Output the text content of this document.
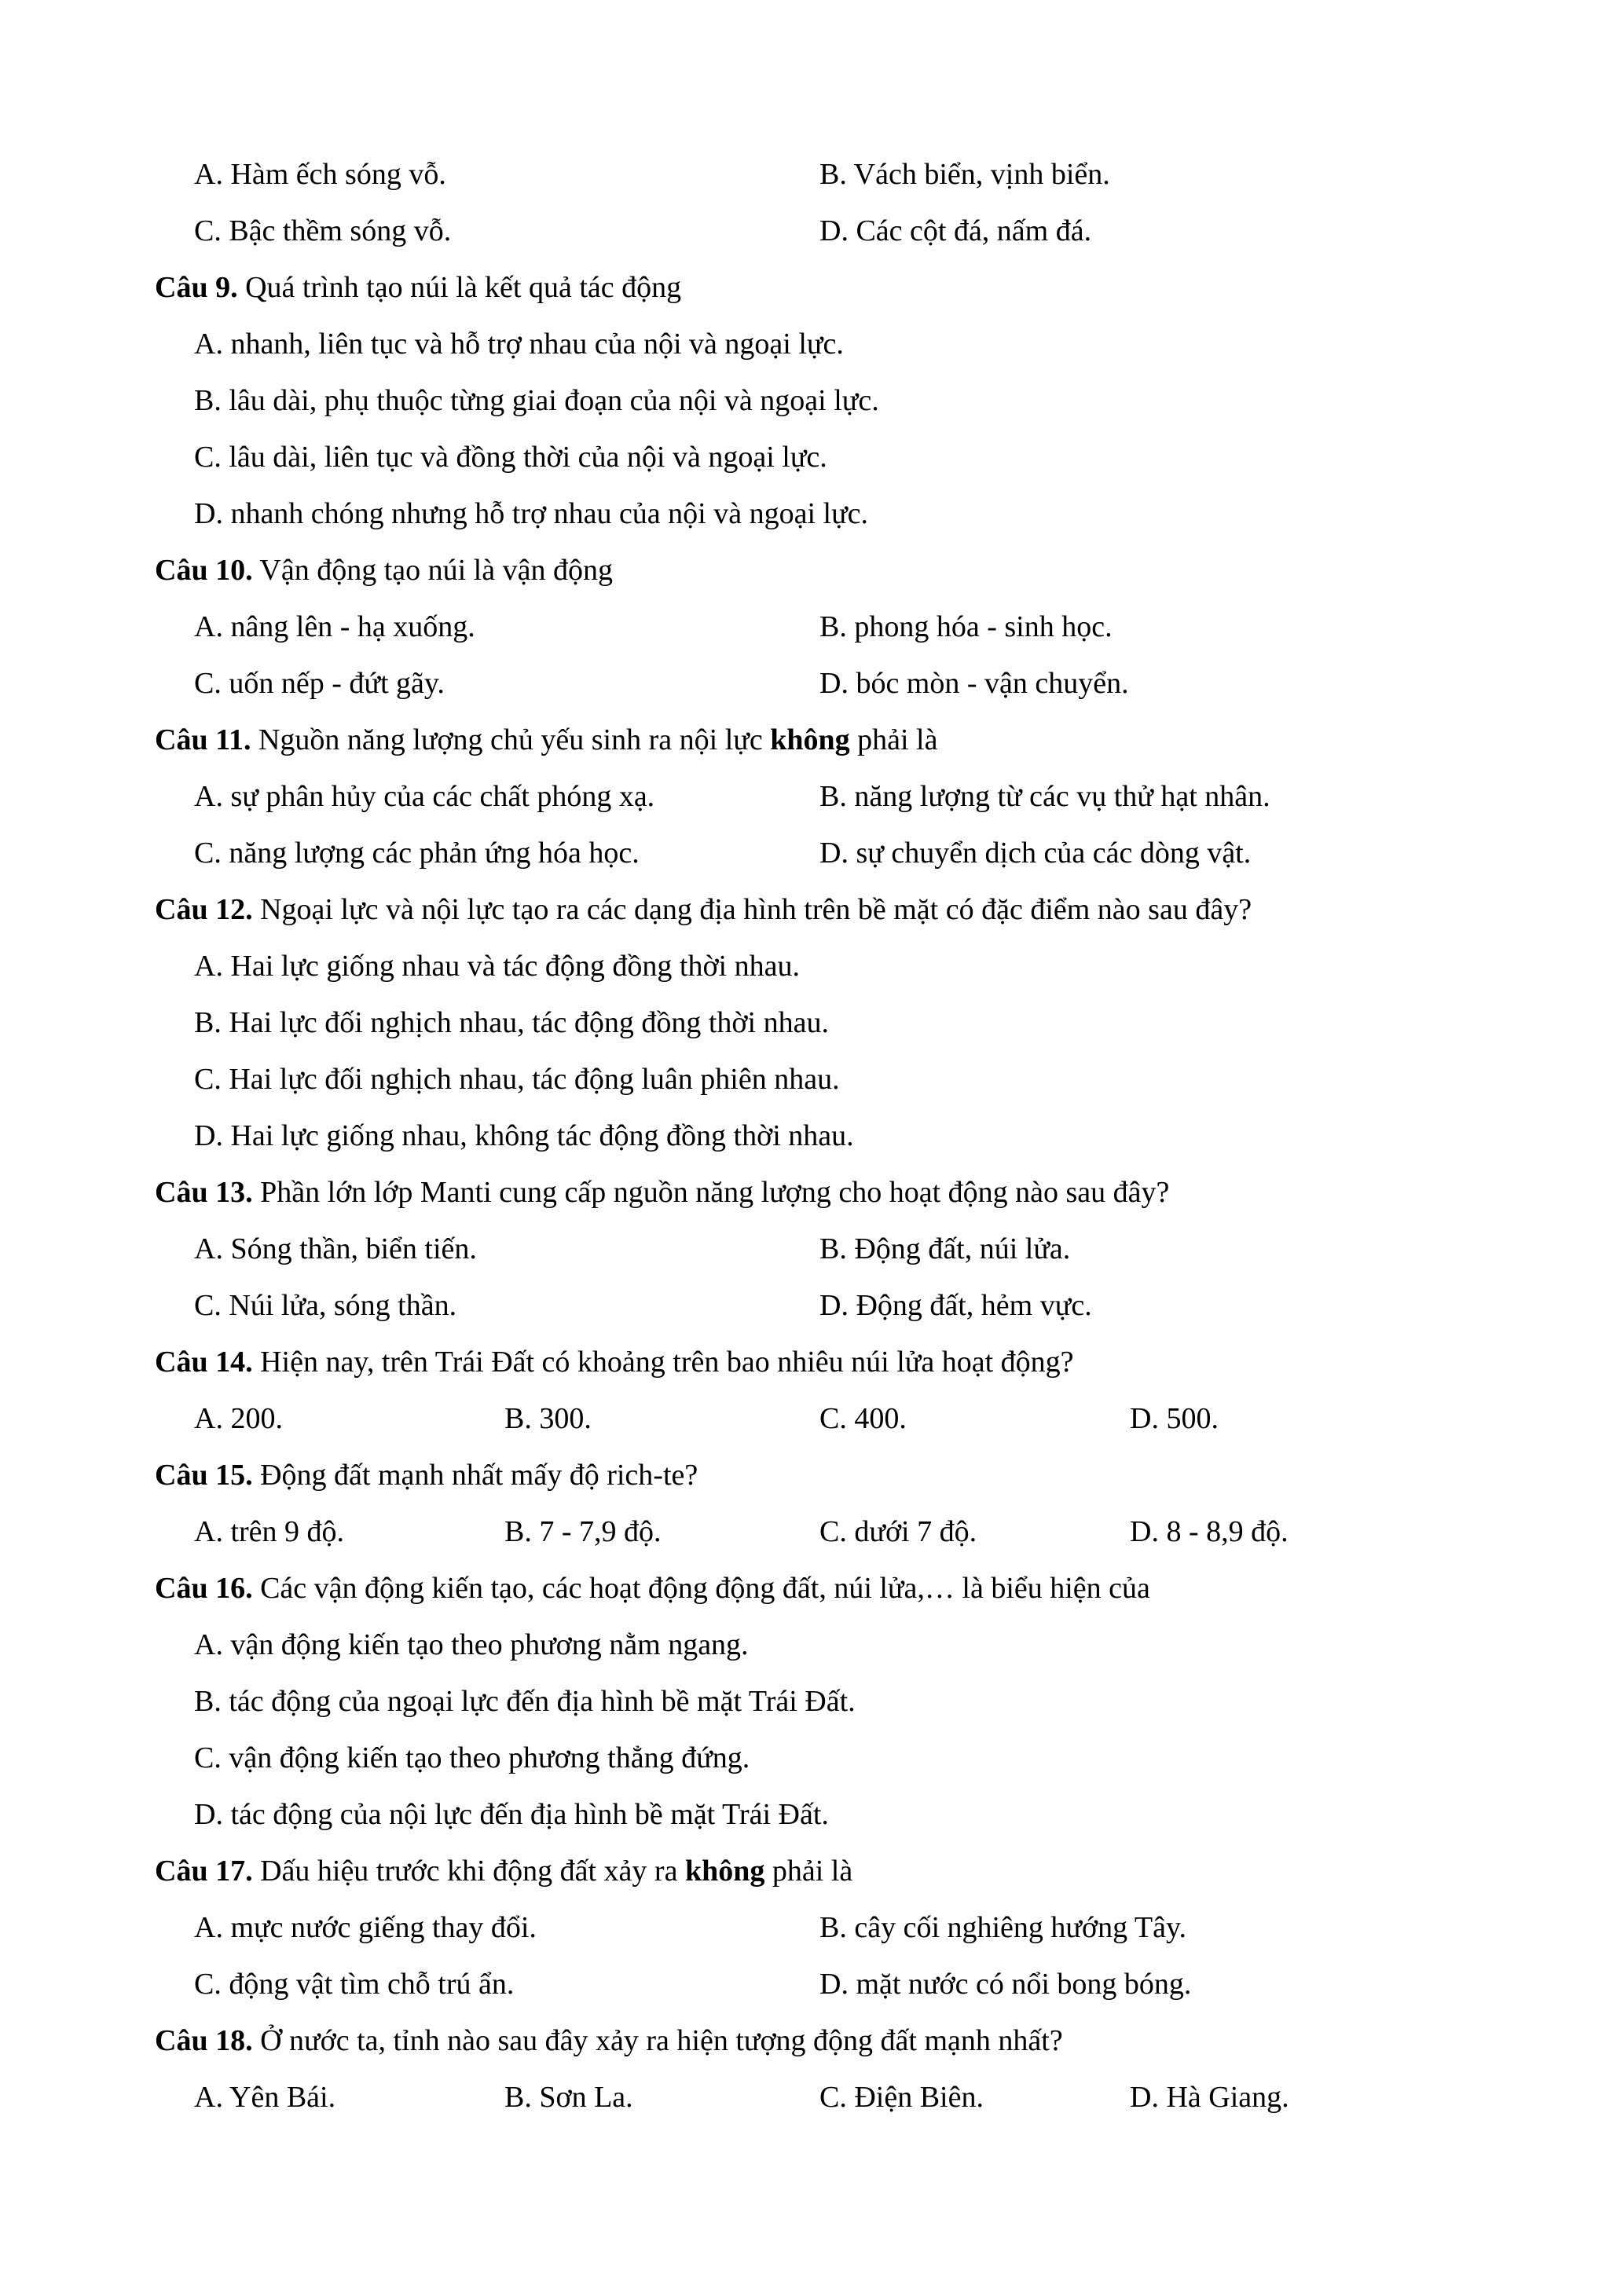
A. Hàm ếch sóng vỗ.	B. Vách biển, vịnh biển.
C. Bậc thềm sóng vỗ.	D. Các cột đá, nấm đá.
Câu 9. Quá trình tạo núi là kết quả tác động
A. nhanh, liên tục và hỗ trợ nhau của nội và ngoại lực.
B. lâu dài, phụ thuộc từng giai đoạn của nội và ngoại lực.
C. lâu dài, liên tục và đồng thời của nội và ngoại lực.
D. nhanh chóng nhưng hỗ trợ nhau của nội và ngoại lực.
Câu 10. Vận động tạo núi là vận động
A. nâng lên - hạ xuống.	B. phong hóa - sinh học.
C. uốn nếp - đứt gãy.	D. bóc mòn - vận chuyển.
Câu 11. Nguồn năng lượng chủ yếu sinh ra nội lực không phải là
A. sự phân hủy của các chất phóng xạ.	B. năng lượng từ các vụ thử hạt nhân.
C. năng lượng các phản ứng hóa học.	D. sự chuyển dịch của các dòng vật.
Câu 12. Ngoại lực và nội lực tạo ra các dạng địa hình trên bề mặt có đặc điểm nào sau đây?
A. Hai lực giống nhau và tác động đồng thời nhau.
B. Hai lực đối nghịch nhau, tác động đồng thời nhau.
C. Hai lực đối nghịch nhau, tác động luân phiên nhau.
D. Hai lực giống nhau, không tác động đồng thời nhau.
Câu 13. Phần lớn lớp Manti cung cấp nguồn năng lượng cho hoạt động nào sau đây?
A. Sóng thần, biển tiến.	B. Động đất, núi lửa.
C. Núi lửa, sóng thần.	D. Động đất, hẻm vực.
Câu 14. Hiện nay, trên Trái Đất có khoảng trên bao nhiêu núi lửa hoạt động?
A. 200.	B. 300.	C. 400.	D. 500.
Câu 15. Động đất mạnh nhất mấy độ rich-te?
A. trên 9 độ.	B. 7 - 7,9 độ.	C. dưới 7 độ.	D. 8 - 8,9 độ.
Câu 16. Các vận động kiến tạo, các hoạt động động đất, núi lửa,… là biểu hiện của
A. vận động kiến tạo theo phương nằm ngang.
B. tác động của ngoại lực đến địa hình bề mặt Trái Đất.
C. vận động kiến tạo theo phương thẳng đứng.
D. tác động của nội lực đến địa hình bề mặt Trái Đất.
Câu 17. Dấu hiệu trước khi động đất xảy ra không phải là
A. mực nước giếng thay đổi.	B. cây cối nghiêng hướng Tây.
C. động vật tìm chỗ trú ẩn.	D. mặt nước có nổi bong bóng.
Câu 18. Ở nước ta, tỉnh nào sau đây xảy ra hiện tượng động đất mạnh nhất?
A. Yên Bái.	B. Sơn La.	C. Điện Biên.	D. Hà Giang.
